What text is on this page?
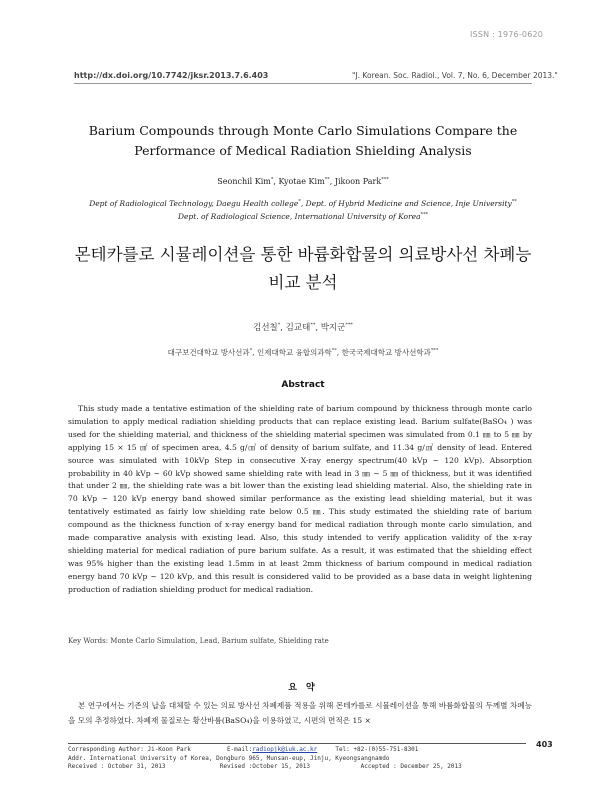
ISSN : 1976-0620
http://dx.doi.org/10.7742/jksr.2013.7.6.403	"J. Korean. Soc. Radiol., Vol. 7, No. 6, December 2013."
Barium Compounds through Monte Carlo Simulations Compare the
Performance of Medical Radiation Shielding Analysis
Seonchil Kim*, Kyotae Kim**, Jikoon Park***
Dept of Radiological Technology, Daegu Health college*, Dept. of Hybrid Medicine and Science, Inje University**
Dept. of Radiological Science, International University of Korea***
몬테카를로 시뮬레이션을 통한 바륨화합물의 의료방사선 차폐능
비교 분석
김선칠*, 김교태**, 박지군***
대구보건대학교 방사선과*, 인제대학교 융합의과학**, 한국국제대학교 방사선학과***
Abstract

This study made a tentative estimation of the shielding rate of barium compound by thickness through monte carlo simulation to apply medical radiation shielding products that can replace existing lead. Barium sulfate(BaSO₄ ) was used for the shielding material, and thickness of the shielding material specimen was simulated from 0.1 ㎜ to 5 ㎜ by applying 15 × 15 ㎠ of specimen area, 4.5 g/㎤ of density of barium sulfate, and 11.34 g/㎤ density of lead. Entered source was simulated with 10kVp Step in consecutive X-ray energy spectrum(40 kVp ~ 120 kVp). Absorption probability in 40 kVp ~ 60 kVp showed same shielding rate with lead in 3 ㎜ ~ 5 ㎜ of thickness, but it was identified that under 2 ㎜, the shielding rate was a bit lower than the existing lead shielding material. Also, the shielding rate in 70 kVp ~ 120 kVp energy band showed similar performance as the existing lead shielding material, but it was tentatively estimated as fairly low shielding rate below 0.5 ㎜. This study estimated the shielding rate of barium compound as the thickness function of x-ray energy band for medical radiation through monte carlo simulation, and made comparative analysis with existing lead. Also, this study intended to verify application validity of the x-ray shielding material for medical radiation of pure barium sulfate. As a result, it was estimated that the shielding effect was 95% higher than the existing lead 1.5mm in at least 2mm thickness of barium compound in medical radiation energy band 70 kVp ~ 120 kVp, and this result is considered valid to be provided as a base data in weight lightening production of radiation shielding product for medical radiation.

Key Words: Monte Carlo Simulation, Lead, Barium sulfate, Shielding rate
요 약

본 연구에서는 기존의 납을 대체할 수 있는 의료 방사선 차폐제품 적용을 위해 몬테카를로 시뮬레이션을 통해 바륨화합물의 두께별 차폐능을 모의 추정하였다. 차폐재 물질로는 황산바륨(BaSO₄)을 이용하였고, 시편의 면적은 15 ×

Corresponding Author: Ji-Koon Park          E-mail:radiopjk@iuk.ac.kr     Tel: +82-(0)55-751-8301
Addr. International University of Korea, Dongburo 965, Munsan-eup, Jinju, Kyeongsangnamdo
Received : October 31, 2013               Revised :October 15, 2013              Accepted : December 25, 2013
403
